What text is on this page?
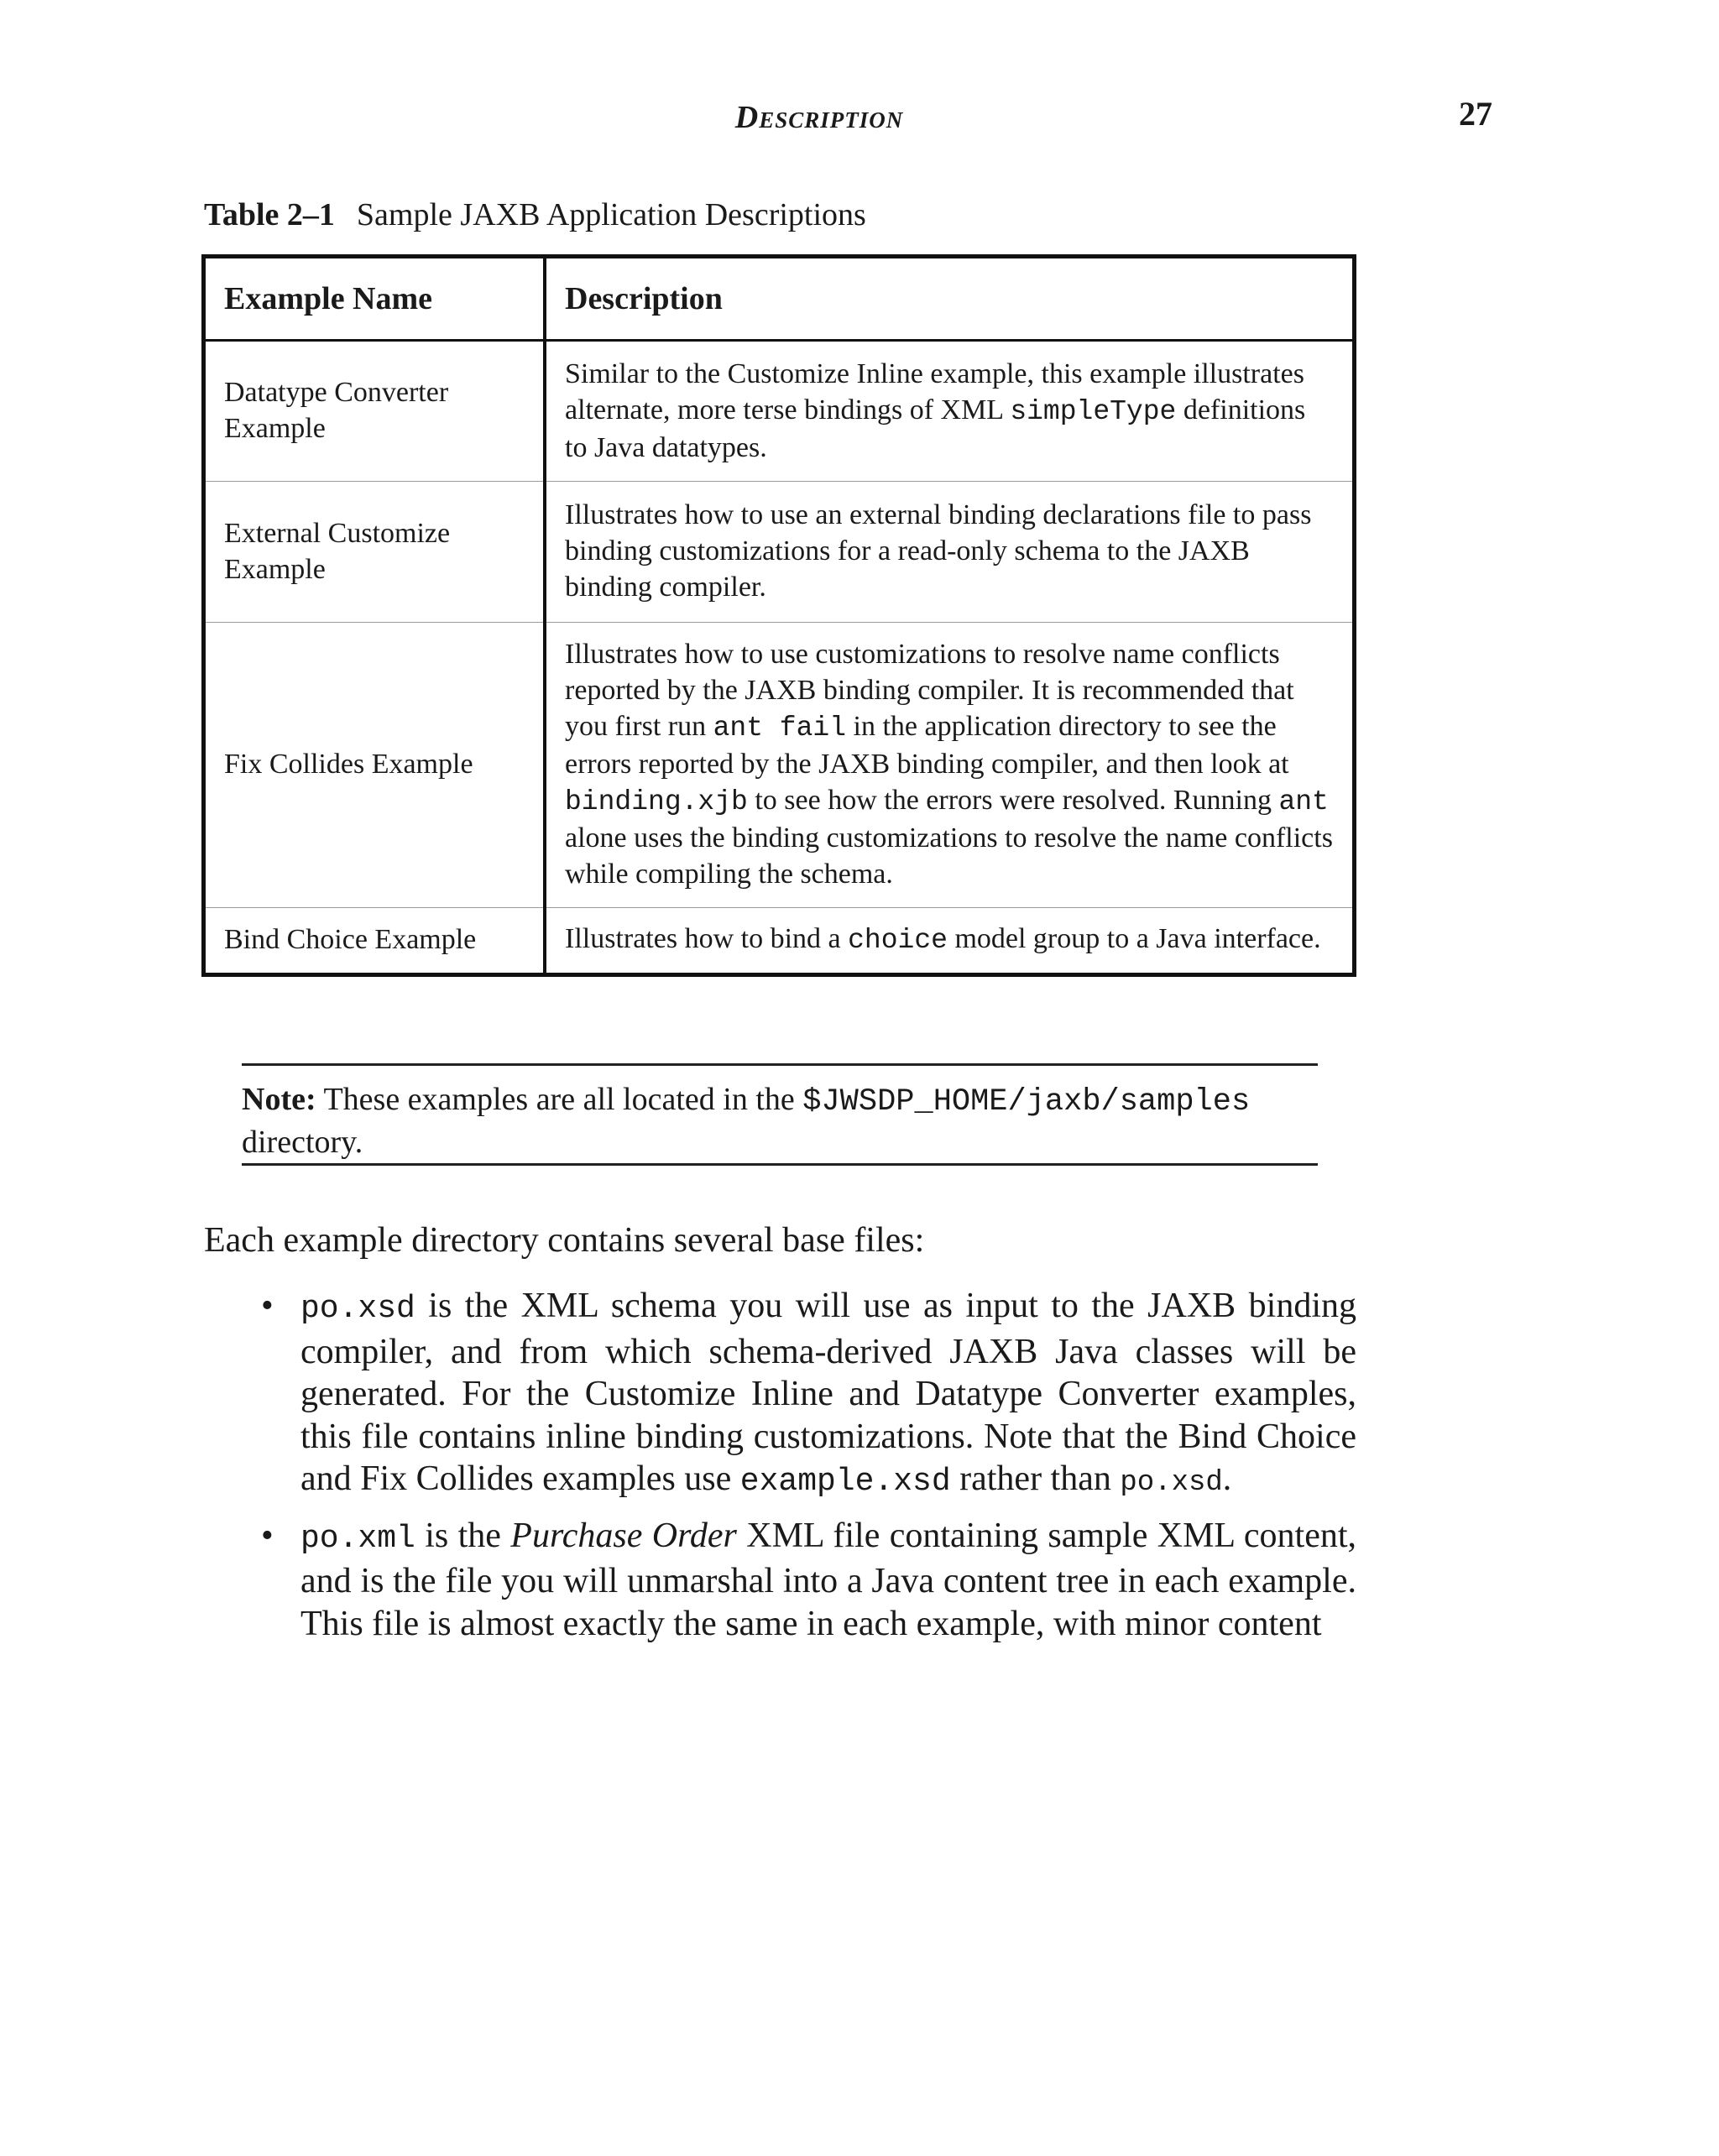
Description	27
Table 2–1 Sample JAXB Application Descriptions
Example Name	Description
Datatype Converter Example	Similar to the Customize Inline example, this example illustrates alternate, more terse bindings of XML simpleType definitions to Java datatypes.
External Customize Example	Illustrates how to use an external binding declarations file to pass binding customizations for a read-only schema to the JAXB binding compiler.
Fix Collides Example	Illustrates how to use customizations to resolve name conflicts reported by the JAXB binding compiler. It is recommended that you first run ant fail in the application directory to see the errors reported by the JAXB binding compiler, and then look at binding.xjb to see how the errors were resolved. Running ant alone uses the binding customizations to resolve the name conflicts while compiling the schema.
Bind Choice Example	Illustrates how to bind a choice model group to a Java interface.
Note: These examples are all located in the $JWSDP_HOME/jaxb/samples directory.
Each example directory contains several base files:
• po.xsd is the XML schema you will use as input to the JAXB binding compiler, and from which schema-derived JAXB Java classes will be generated. For the Customize Inline and Datatype Converter examples, this file contains inline binding customizations. Note that the Bind Choice and Fix Collides examples use example.xsd rather than po.xsd.
• po.xml is the Purchase Order XML file containing sample XML content, and is the file you will unmarshal into a Java content tree in each example. This file is almost exactly the same in each example, with minor content
